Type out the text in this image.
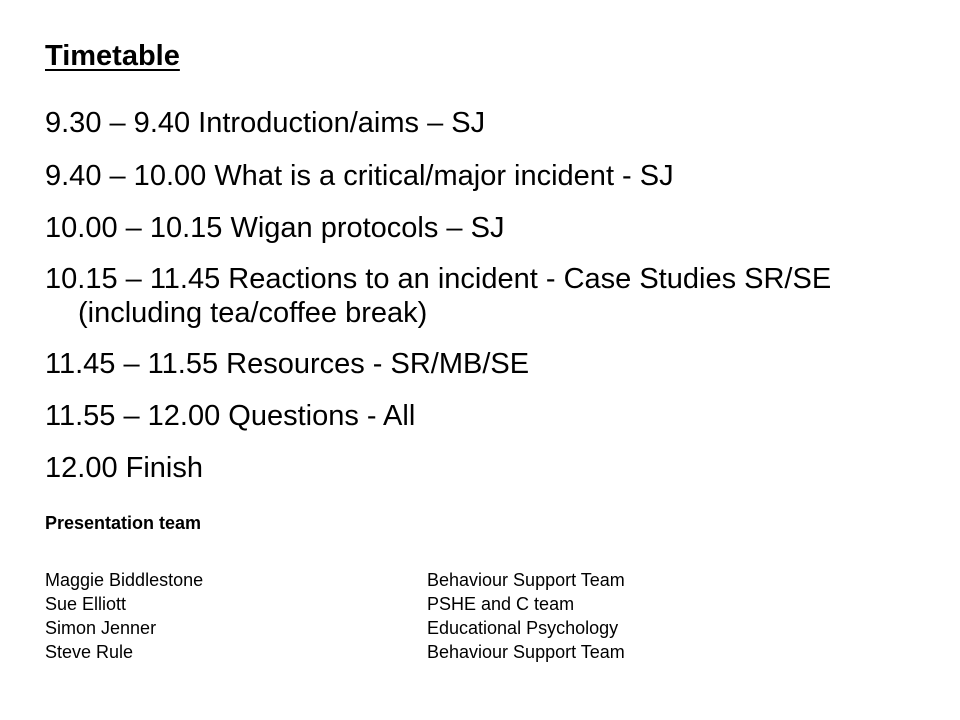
Timetable
9.30 – 9.40 Introduction/aims – SJ
9.40 – 10.00 What is a critical/major incident - SJ
10.00 – 10.15 Wigan protocols – SJ
10.15 – 11.45 Reactions to an incident - Case Studies SR/SE (including tea/coffee break)
11.45 – 11.55 Resources - SR/MB/SE
11.55 – 12.00 Questions - All
12.00 Finish
Presentation team
Maggie Biddlestone	Behaviour Support Team
Sue Elliott	PSHE and C team
Simon Jenner	Educational Psychology
Steve Rule	Behaviour Support Team
